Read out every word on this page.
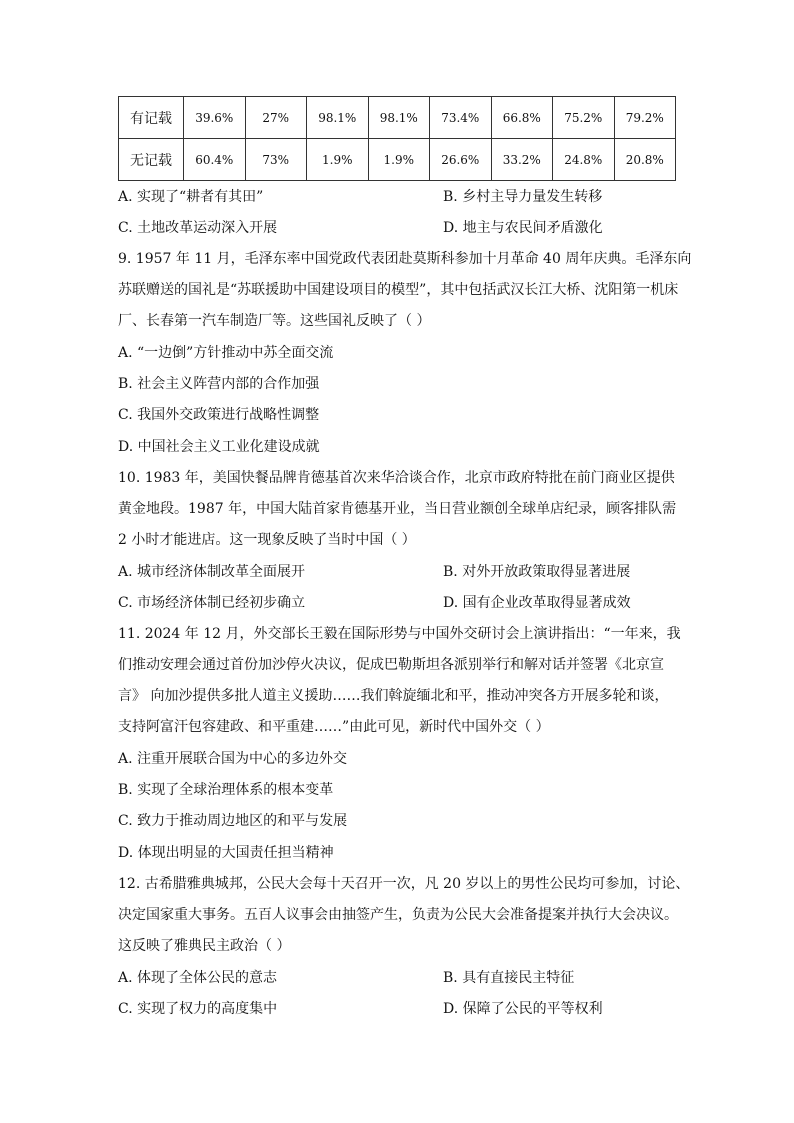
有记载	39.6%	27%	98.1%	98.1%	73.4%	66.8%	75.2%	79.2%
无记载	60.4%	73%	1.9%	1.9%	26.6%	33.2%	24.8%	20.8%
A. 实现了“耕者有其田”	B. 乡村主导力量发生转移
C. 土地改革运动深入开展	D. 地主与农民间矛盾激化
9. 1957 年 11 月，毛泽东率中国党政代表团赴莫斯科参加十月革命 40 周年庆典。毛泽东向
苏联赠送的国礼是“苏联援助中国建设项目的模型”，其中包括武汉长江大桥、沈阳第一机床
厂、长春第一汽车制造厂等。这些国礼反映了（ ）
A. “一边倒”方针推动中苏全面交流
B. 社会主义阵营内部的合作加强
C. 我国外交政策进行战略性调整
D. 中国社会主义工业化建设成就
10. 1983 年，美国快餐品牌肯德基首次来华洽谈合作，北京市政府特批在前门商业区提供
黄金地段。1987 年，中国大陆首家肯德基开业，当日营业额创全球单店纪录，顾客排队需
2 小时才能进店。这一现象反映了当时中国（ ）
A. 城市经济体制改革全面展开	B. 对外开放政策取得显著进展
C. 市场经济体制已经初步确立	D. 国有企业改革取得显著成效
11. 2024 年 12 月，外交部长王毅在国际形势与中国外交研讨会上演讲指出：“一年来，我
们推动安理会通过首份加沙停火决议，促成巴勒斯坦各派别举行和解对话并签署《北京宣
言》 向加沙提供多批人道主义援助……我们斡旋缅北和平，推动冲突各方开展多轮和谈，
支持阿富汗包容建政、和平重建……”由此可见，新时代中国外交（ ）
A. 注重开展联合国为中心的多边外交
B. 实现了全球治理体系的根本变革
C. 致力于推动周边地区的和平与发展
D. 体现出明显的大国责任担当精神
12. 古希腊雅典城邦，公民大会每十天召开一次，凡 20 岁以上的男性公民均可参加，讨论、
决定国家重大事务。五百人议事会由抽签产生，负责为公民大会准备提案并执行大会决议。
这反映了雅典民主政治（ ）
A. 体现了全体公民的意志	B. 具有直接民主特征
C. 实现了权力的高度集中	D. 保障了公民的平等权利
